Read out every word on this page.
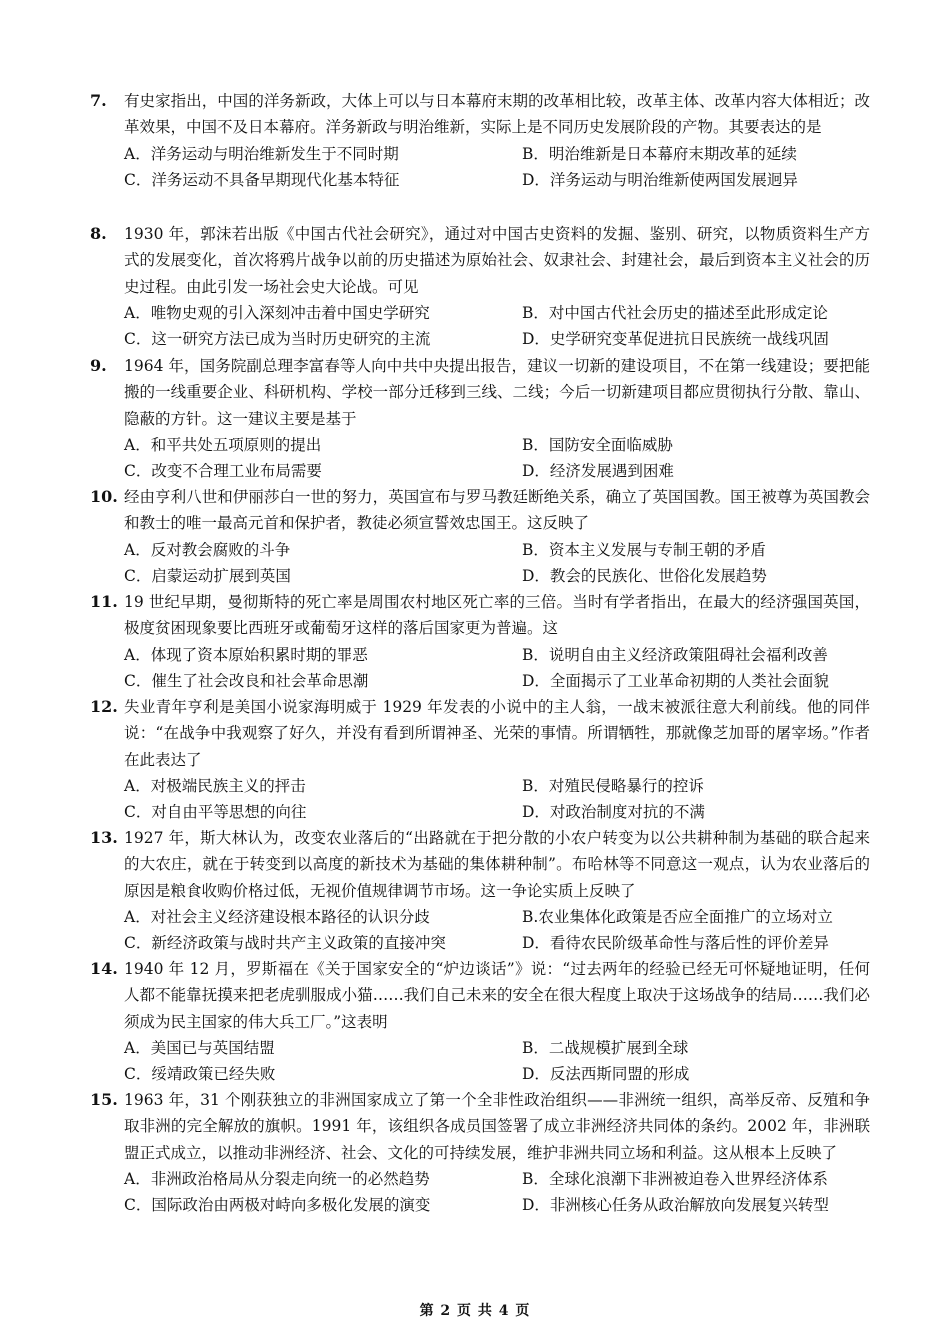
7.	有史家指出，中国的洋务新政，大体上可以与日本幕府末期的改革相比较，改革主体、改革内容大体相近；改革效果，中国不及日本幕府。洋务新政与明治维新，实际上是不同历史发展阶段的产物。其要表达的是
A．洋务运动与明治维新发生于不同时期	B．明治维新是日本幕府末期改革的延续
C．洋务运动不具备早期现代化基本特征	D．洋务运动与明治维新使两国发展迥异
8.	1930 年，郭沫若出版《中国古代社会研究》，通过对中国古史资料的发掘、鉴别、研究，以物质资料生产方式的发展变化，首次将鸦片战争以前的历史描述为原始社会、奴隶社会、封建社会，最后到资本主义社会的历史过程。由此引发一场社会史大论战。可见
A．唯物史观的引入深刻冲击着中国史学研究	B．对中国古代社会历史的描述至此形成定论
C．这一研究方法已成为当时历史研究的主流	D．史学研究变革促进抗日民族统一战线巩固
9.	1964 年，国务院副总理李富春等人向中共中央提出报告，建议一切新的建设项目，不在第一线建设；要把能搬的一线重要企业、科研机构、学校一部分迁移到三线、二线；今后一切新建项目都应贯彻执行分散、靠山、隐蔽的方针。这一建议主要是基于
A．和平共处五项原则的提出	B．国防安全面临威胁
C．改变不合理工业布局需要	D．经济发展遇到困难
10. 经由亨利八世和伊丽莎白一世的努力，英国宣布与罗马教廷断绝关系，确立了英国国教。国王被尊为英国教会和教士的唯一最高元首和保护者，教徒必须宣誓效忠国王。这反映了
A．反对教会腐败的斗争	B．资本主义发展与专制王朝的矛盾
C．启蒙运动扩展到英国	D．教会的民族化、世俗化发展趋势
11. 19 世纪早期，曼彻斯特的死亡率是周围农村地区死亡率的三倍。当时有学者指出，在最大的经济强国英国，极度贫困现象要比西班牙或葡萄牙这样的落后国家更为普遍。这
A．体现了资本原始积累时期的罪恶	B．说明自由主义经济政策阻碍社会福利改善
C．催生了社会改良和社会革命思潮	D．全面揭示了工业革命初期的人类社会面貌
12. 失业青年亨利是美国小说家海明威于 1929 年发表的小说中的主人翁，一战末被派往意大利前线。他的同伴说：“在战争中我观察了好久，并没有看到所谓神圣、光荣的事情。所谓牺牲，那就像芝加哥的屠宰场。”作者在此表达了
A．对极端民族主义的抨击	B．对殖民侵略暴行的控诉
C．对自由平等思想的向往	D．对政治制度对抗的不满
13. 1927 年，斯大林认为，改变农业落后的“出路就在于把分散的小农户转变为以公共耕种制为基础的联合起来的大农庄，就在于转变到以高度的新技术为基础的集体耕种制”。布哈林等不同意这一观点，认为农业落后的原因是粮食收购价格过低，无视价值规律调节市场。这一争论实质上反映了
A．对社会主义经济建设根本路径的认识分歧	B.农业集体化政策是否应全面推广的立场对立
C．新经济政策与战时共产主义政策的直接冲突	D．看待农民阶级革命性与落后性的评价差异
14. 1940 年 12 月，罗斯福在《关于国家安全的“炉边谈话”》说：“过去两年的经验已经无可怀疑地证明，任何人都不能靠抚摸来把老虎驯服成小猫……我们自己未来的安全在很大程度上取决于这场战争的结局……我们必须成为民主国家的伟大兵工厂。”这表明
A．美国已与英国结盟	B．二战规模扩展到全球
C．绥靖政策已经失败	D．反法西斯同盟的形成
15. 1963 年，31 个刚获独立的非洲国家成立了第一个全非性政治组织——非洲统一组织，高举反帝、反殖和争取非洲的完全解放的旗帜。1991 年，该组织各成员国签署了成立非洲经济共同体的条约。2002 年，非洲联盟正式成立，以推动非洲经济、社会、文化的可持续发展，维护非洲共同立场和利益。这从根本上反映了
A．非洲政治格局从分裂走向统一的必然趋势	B．全球化浪潮下非洲被迫卷入世界经济体系
C．国际政治由两极对峙向多极化发展的演变	D．非洲核心任务从政治解放向发展复兴转型
第 2 页 共 4 页
